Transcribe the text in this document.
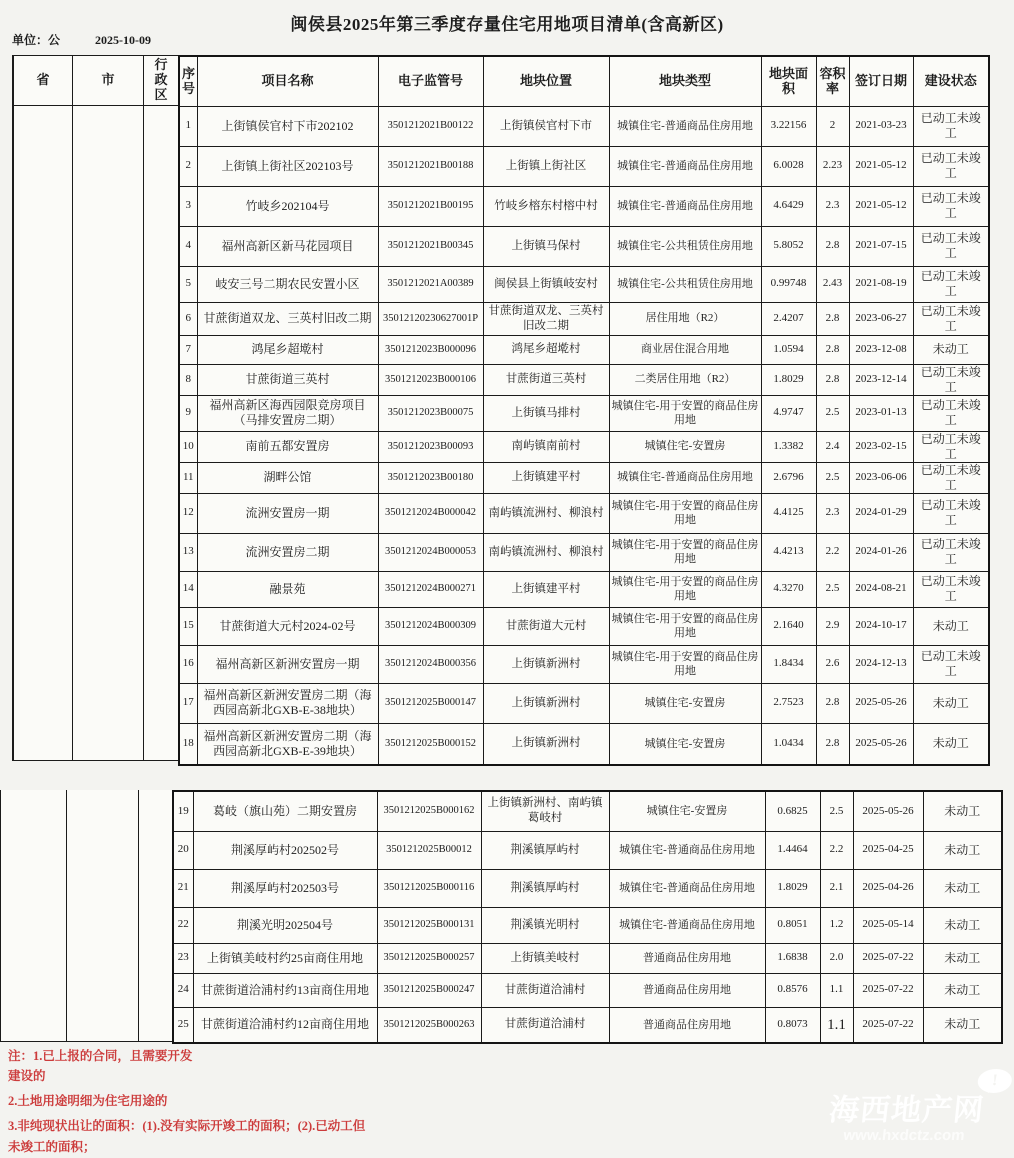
闽侯县2025年第三季度存量住宅用地项目清单(含高新区)
单位：公	2025-10-09
省	市
行政区
序号	项目名称	电子监管号	地块位置	地块类型	地块面积	容积率	签订日期	建设状态
1	上街镇侯官村下市202102	3501212021B00122	上街镇侯官村下市	城镇住宅-普通商品住房用地	3.22156	2	2021-03-23	已动工未竣工
2	上街镇上街社区202103号	3501212021B00188	上街镇上街社区	城镇住宅-普通商品住房用地	6.0028	2.23	2021-05-12	已动工未竣工
3	竹岐乡202104号	3501212021B00195	竹岐乡榕东村榕中村	城镇住宅-普通商品住房用地	4.6429	2.3	2021-05-12	已动工未竣工
4	福州高新区新马花园项目	3501212021B00345	上街镇马保村	城镇住宅-公共租赁住房用地	5.8052	2.8	2021-07-15	已动工未竣工
5	岐安三号二期农民安置小区	3501212021A00389	闽侯县上街镇岐安村	城镇住宅-公共租赁住房用地	0.99748	2.43	2021-08-19	已动工未竣工
6	甘蔗街道双龙、三英村旧改二期	35012120230627001P	甘蔗街道双龙、三英村旧改二期	居住用地（R2）	2.4207	2.8	2023-06-27	已动工未竣工
7	鸿尾乡超墘村	3501212023B000096	鸿尾乡超墘村	商业居住混合用地	1.0594	2.8	2023-12-08	未动工
8	甘蔗街道三英村	3501212023B000106	甘蔗街道三英村	二类居住用地（R2）	1.8029	2.8	2023-12-14	已动工未竣工
9	福州高新区海西园限竞房项目（马排安置房二期）	3501212023B00075	上街镇马排村	城镇住宅-用于安置的商品住房用地	4.9747	2.5	2023-01-13	已动工未竣工
10	南前五都安置房	3501212023B00093	南屿镇南前村	城镇住宅-安置房	1.3382	2.4	2023-02-15	已动工未竣工
11	湖畔公馆	3501212023B00180	上街镇建平村	城镇住宅-普通商品住房用地	2.6796	2.5	2023-06-06	已动工未竣工
12	流洲安置房一期	3501212024B000042	南屿镇流洲村、柳浪村	城镇住宅-用于安置的商品住房用地	4.4125	2.3	2024-01-29	已动工未竣工
13	流洲安置房二期	3501212024B000053	南屿镇流洲村、柳浪村	城镇住宅-用于安置的商品住房用地	4.4213	2.2	2024-01-26	已动工未竣工
14	融景苑	3501212024B000271	上街镇建平村	城镇住宅-用于安置的商品住房用地	4.3270	2.5	2024-08-21	已动工未竣工
15	甘蔗街道大元村2024-02号	3501212024B000309	甘蔗街道大元村	城镇住宅-用于安置的商品住房用地	2.1640	2.9	2024-10-17	未动工
16	福州高新区新洲安置房一期	3501212024B000356	上街镇新洲村	城镇住宅-用于安置的商品住房用地	1.8434	2.6	2024-12-13	已动工未竣工
17	福州高新区新洲安置房二期（海西园高新北GXB-E-38地块）	3501212025B000147	上街镇新洲村	城镇住宅-安置房	2.7523	2.8	2025-05-26	未动工
18	福州高新区新洲安置房二期（海西园高新北GXB-E-39地块）	3501212025B000152	上街镇新洲村	城镇住宅-安置房	1.0434	2.8	2025-05-26	未动工
19	葛岐（旗山苑）二期安置房	3501212025B000162	上街镇新洲村、南屿镇葛岐村	城镇住宅-安置房	0.6825	2.5	2025-05-26	未动工
20	荆溪厚屿村202502号	3501212025B00012	荆溪镇厚屿村	城镇住宅-普通商品住房用地	1.4464	2.2	2025-04-25	未动工
21	荆溪厚屿村202503号	3501212025B000116	荆溪镇厚屿村	城镇住宅-普通商品住房用地	1.8029	2.1	2025-04-26	未动工
22	荆溪光明202504号	3501212025B000131	荆溪镇光明村	城镇住宅-普通商品住房用地	0.8051	1.2	2025-05-14	未动工
23	上街镇美岐村约25亩商住用地	3501212025B000257	上街镇美岐村	普通商品住房用地	1.6838	2.0	2025-07-22	未动工
24	甘蔗街道洽浦村约13亩商住用地	3501212025B000247	甘蔗街道洽浦村	普通商品住房用地	0.8576	1.1	2025-07-22	未动工
25	甘蔗街道洽浦村约12亩商住用地	3501212025B000263	甘蔗街道洽浦村	普通商品住房用地	0.8073	1.1	2025-07-22	未动工
注：1.已上报的合同，且需要开发
建设的
2.土地用途明细为住宅用途的
3.非纯现状出让的面积：(1).没有实际开竣工的面积；(2).已动工但
未竣工的面积；
!
海西地产网
www.hxdctz.com
